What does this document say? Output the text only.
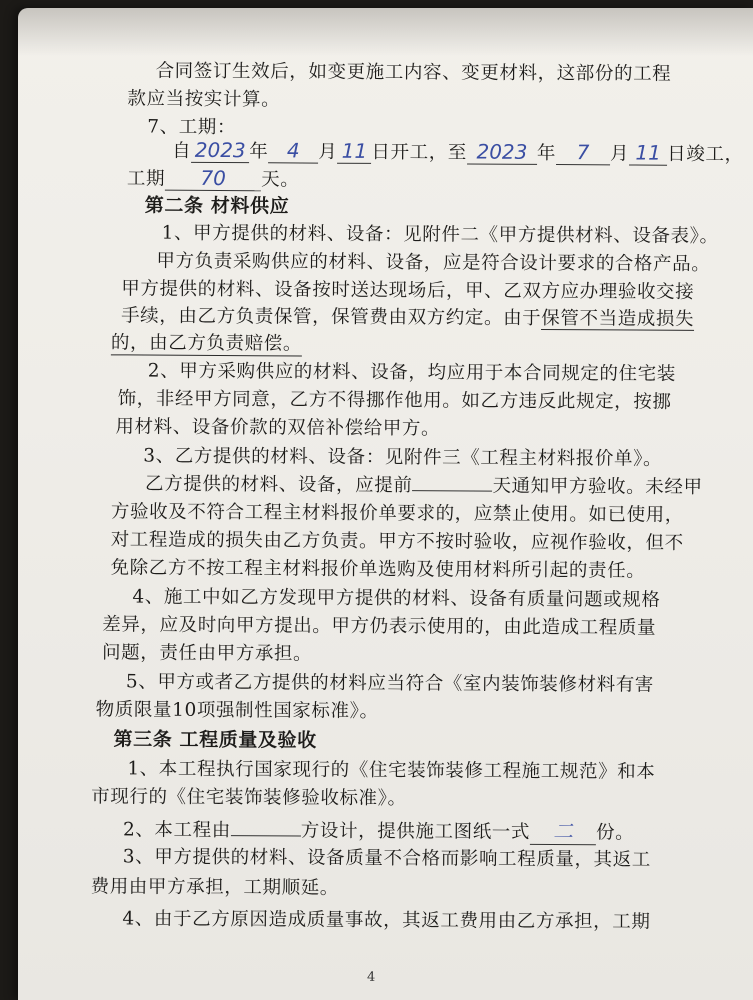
合同签订生效后，如变更施工内容、变更材料，这部份的工程
款应当按实计算。
7、工期：
自 2023 年 4 月 11 日开工，至 2023 年 7 月 11 日竣工，
工期 70 天。
第二条 材料供应
1、甲方提供的材料、设备：见附件二《甲方提供材料、设备表》。
甲方负责采购供应的材料、设备，应是符合设计要求的合格产品。
甲方提供的材料、设备按时送达现场后，甲、乙双方应办理验收交接
手续，由乙方负责保管，保管费由双方约定。由于保管不当造成损失
的，由乙方负责赔偿。
2、甲方采购供应的材料、设备，均应用于本合同规定的住宅装
饰，非经甲方同意，乙方不得挪作他用。如乙方违反此规定，按挪
用材料、设备价款的双倍补偿给甲方。
3、乙方提供的材料、设备：见附件三《工程主材料报价单》。
乙方提供的材料、设备，应提前	天通知甲方验收。未经甲
方验收及不符合工程主材料报价单要求的，应禁止使用。如已使用，
对工程造成的损失由乙方负责。甲方不按时验收，应视作验收，但不
免除乙方不按工程主材料报价单选购及使用材料所引起的责任。
4、施工中如乙方发现甲方提供的材料、设备有质量问题或规格
差异，应及时向甲方提出。甲方仍表示使用的，由此造成工程质量
问题，责任由甲方承担。
5、甲方或者乙方提供的材料应当符合《室内装饰装修材料有害
物质限量10项强制性国家标准》。
第三条 工程质量及验收
1、本工程执行国家现行的《住宅装饰装修工程施工规范》和本
市现行的《住宅装饰装修验收标准》。
2、本工程由	方设计，提供施工图纸一式 二 份。
3、甲方提供的材料、设备质量不合格而影响工程质量，其返工
费用由甲方承担，工期顺延。
4、由于乙方原因造成质量事故，其返工费用由乙方承担，工期
4
